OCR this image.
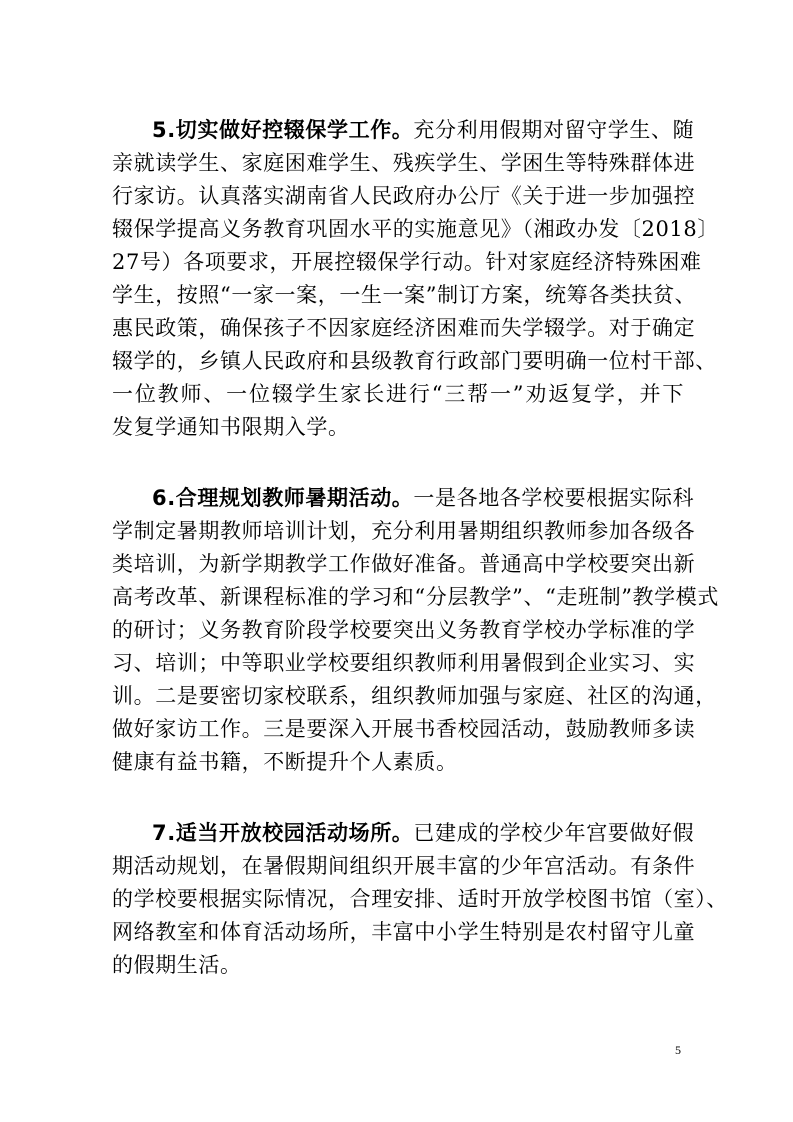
5.切实做好控辍保学工作。充分利用假期对留守学生、随
亲就读学生、家庭困难学生、残疾学生、学困生等特殊群体进
行家访。认真落实湖南省人民政府办公厅《关于进一步加强控
辍保学提高义务教育巩固水平的实施意见》（湘政办发〔2018〕
27号）各项要求，开展控辍保学行动。针对家庭经济特殊困难
学生，按照“一家一案，一生一案”制订方案，统筹各类扶贫、
惠民政策，确保孩子不因家庭经济困难而失学辍学。对于确定
辍学的，乡镇人民政府和县级教育行政部门要明确一位村干部、
一位教师、一位辍学生家长进行“三帮一”劝返复学，并下
发复学通知书限期入学。
6.合理规划教师暑期活动。一是各地各学校要根据实际科
学制定暑期教师培训计划，充分利用暑期组织教师参加各级各
类培训，为新学期教学工作做好准备。普通高中学校要突出新
高考改革、新课程标准的学习和“分层教学”、“走班制”教学模式
的研讨；义务教育阶段学校要突出义务教育学校办学标准的学
习、培训；中等职业学校要组织教师利用暑假到企业实习、实
训。二是要密切家校联系，组织教师加强与家庭、社区的沟通，
做好家访工作。三是要深入开展书香校园活动，鼓励教师多读
健康有益书籍，不断提升个人素质。
7.适当开放校园活动场所。已建成的学校少年宫要做好假
期活动规划，在暑假期间组织开展丰富的少年宫活动。有条件
的学校要根据实际情况，合理安排、适时开放学校图书馆（室）、
网络教室和体育活动场所，丰富中小学生特别是农村留守儿童
的假期生活。
5
